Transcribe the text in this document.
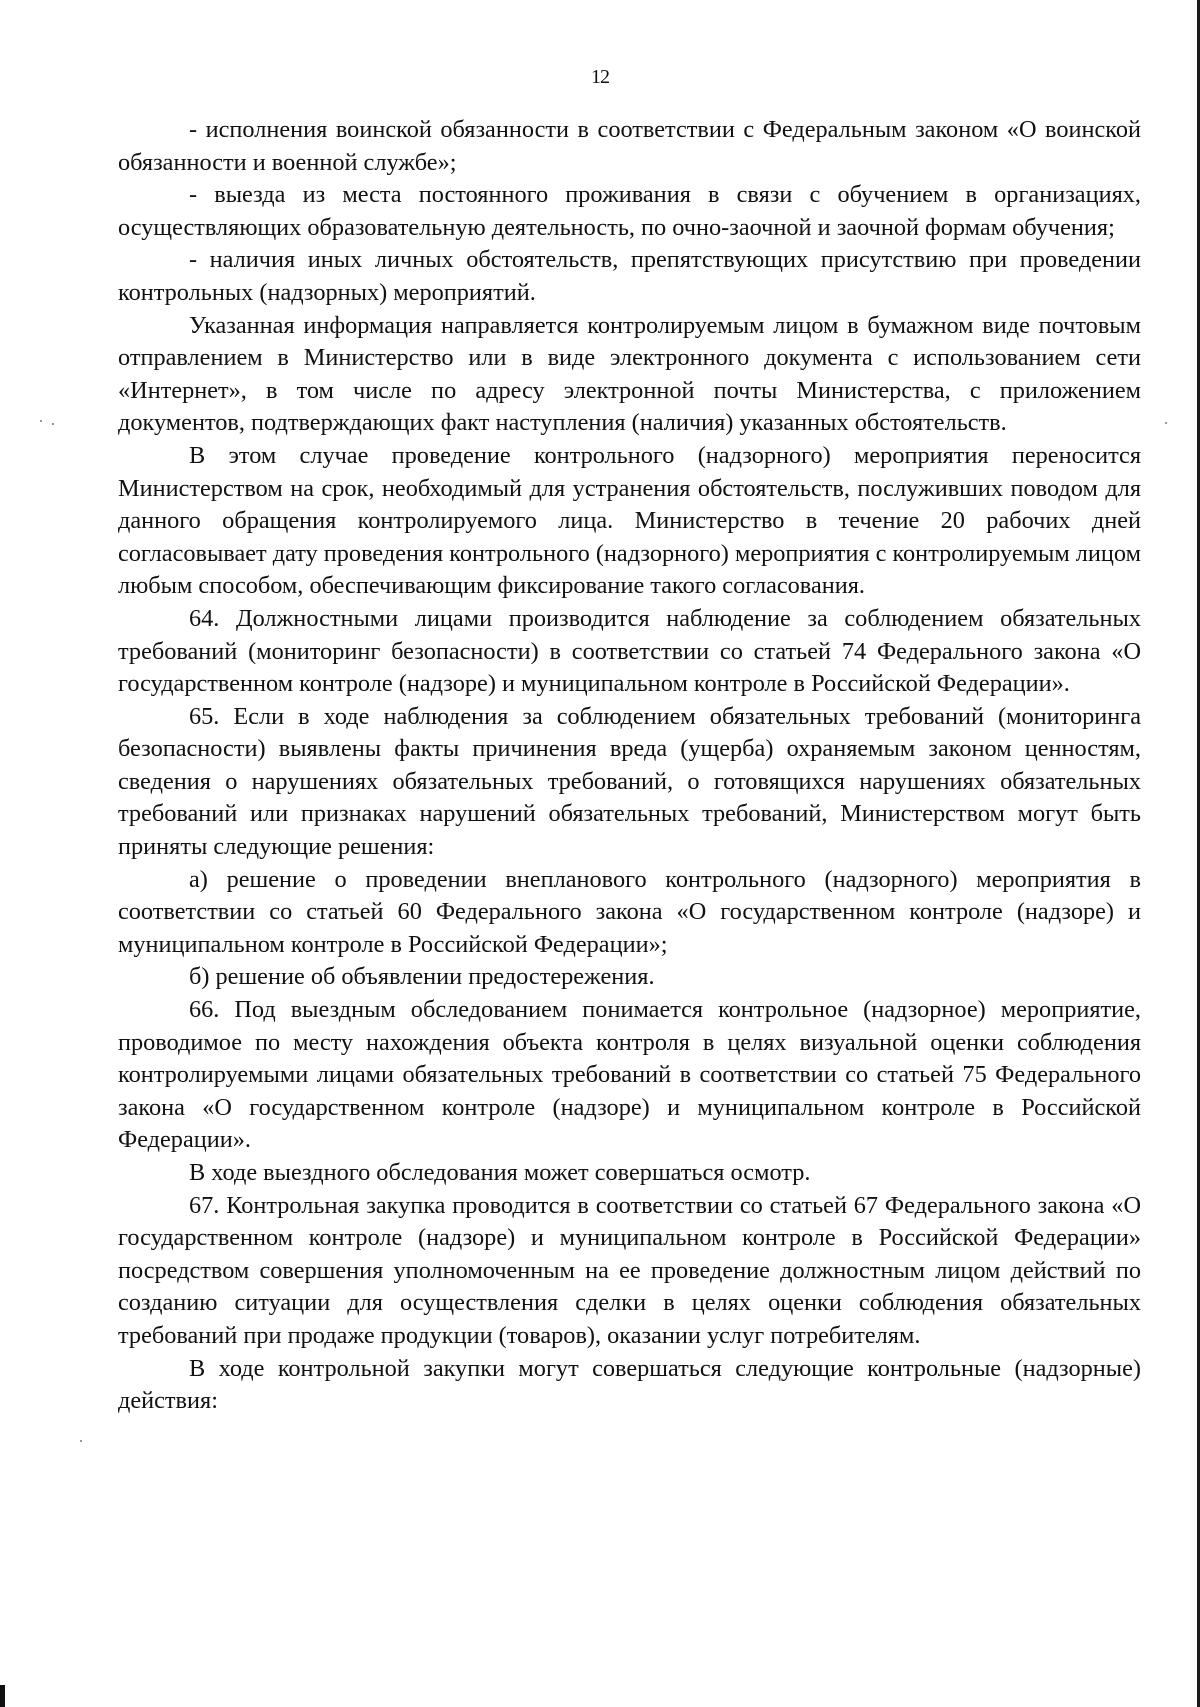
12

- исполнения воинской обязанности в соответствии с Федеральным законом «О воинской обязанности и военной службе»;

- выезда из места постоянного проживания в связи с обучением в организациях, осуществляющих образовательную деятельность, по очно-заочной и заочной формам обучения;

- наличия иных личных обстоятельств, препятствующих присутствию при проведении контрольных (надзорных) мероприятий.

Указанная информация направляется контролируемым лицом в бумажном виде почтовым отправлением в Министерство или в виде электронного документа с использованием сети «Интернет», в том числе по адресу электронной почты Министерства, с приложением документов, подтверждающих факт наступления (наличия) указанных обстоятельств.

В этом случае проведение контрольного (надзорного) мероприятия переносится Министерством на срок, необходимый для устранения обстоятельств, послуживших поводом для данного обращения контролируемого лица. Министерство в течение 20 рабочих дней согласовывает дату проведения контрольного (надзорного) мероприятия с контролируемым лицом любым способом, обеспечивающим фиксирование такого согласования.

64. Должностными лицами производится наблюдение за соблюдением обязательных требований (мониторинг безопасности) в соответствии со статьей 74 Федерального закона «О государственном контроле (надзоре) и муниципальном контроле в Российской Федерации».

65. Если в ходе наблюдения за соблюдением обязательных требований (мониторинга безопасности) выявлены факты причинения вреда (ущерба) охраняемым законом ценностям, сведения о нарушениях обязательных требований, о готовящихся нарушениях обязательных требований или признаках нарушений обязательных требований, Министерством могут быть приняты следующие решения:

а) решение о проведении внепланового контрольного (надзорного) мероприятия в соответствии со статьей 60 Федерального закона «О государственном контроле (надзоре) и муниципальном контроле в Российской Федерации»;

б) решение об объявлении предостережения.

66. Под выездным обследованием понимается контрольное (надзорное) мероприятие, проводимое по месту нахождения объекта контроля в целях визуальной оценки соблюдения контролируемыми лицами обязательных требований в соответствии со статьей 75 Федерального закона «О государственном контроле (надзоре) и муниципальном контроле в Российской Федерации».

В ходе выездного обследования может совершаться осмотр.

67. Контрольная закупка проводится в соответствии со статьей 67 Федерального закона «О государственном контроле (надзоре) и муниципальном контроле в Российской Федерации» посредством совершения уполномоченным на ее проведение должностным лицом действий по созданию ситуации для осуществления сделки в целях оценки соблюдения обязательных требований при продаже продукции (товаров), оказании услуг потребителям.

В ходе контрольной закупки могут совершаться следующие контрольные (надзорные) действия:
